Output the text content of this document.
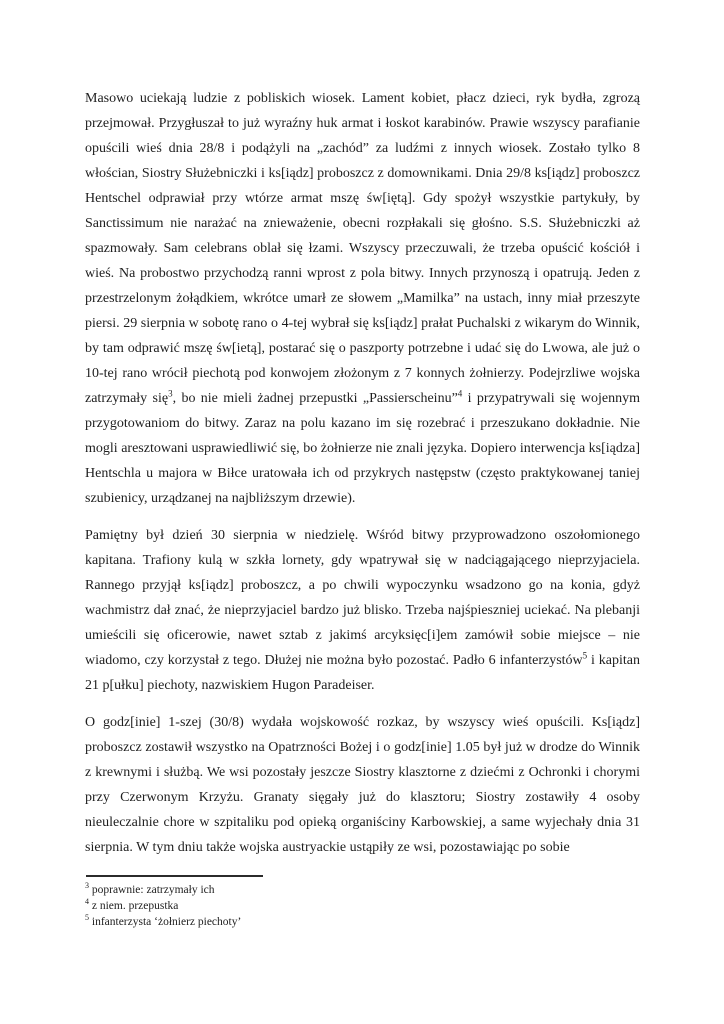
Masowo uciekają ludzie z pobliskich wiosek. Lament kobiet, płacz dzieci, ryk bydła, zgrozą przejmował. Przygłuszał to już wyraźny huk armat i łoskot karabinów. Prawie wszyscy parafianie opuścili wieś dnia 28/8 i podążyli na „zachód” za ludźmi z innych wiosek. Zostało tylko 8 włościan, Siostry Służebniczki i ks[iądz] proboszcz z domownikami. Dnia 29/8 ks[iądz] proboszcz Hentschel odprawiał przy wtórze armat mszę św[iętą]. Gdy spożył wszystkie partykuły, by Sanctissimum nie narażać na znieważenie, obecni rozpłakali się głośno. S.S. Służebniczki aż spazmowały. Sam celebrans oblał się łzami. Wszyscy przeczuwali, że trzeba opuścić kościół i wieś. Na probostwo przychodzą ranni wprost z pola bitwy. Innych przynoszą i opatrują. Jeden z przestrzelonym żołądkiem, wkrótce umarł ze słowem „Mamilka” na ustach, inny miał przeszyte piersi. 29 sierpnia w sobotę rano o 4-tej wybrał się ks[iądz] prałat Puchalski z wikarym do Winnik, by tam odprawić mszę św[ietą], postarać się o paszporty potrzebne i udać się do Lwowa, ale już o 10-tej rano wrócił piechotą pod konwojem złożonym z 7 konnych żołnierzy. Podejrzliwe wojska zatrzymały się$^3$, bo nie mieli żadnej przepustki „Passierscheinu”$^4$ i przypatrywali się wojennym przygotowaniom do bitwy. Zaraz na polu kazano im się rozebrać i przeszukano dokładnie. Nie mogli aresztowani usprawiedliwić się, bo żołnierze nie znali języka. Dopiero interwencja ks[iądza] Hentschla u majora w Biłce uratowała ich od przykrych następstw (często praktykowanej taniej szubienicy, urządzanej na najbliższym drzewie).

Pamiętny był dzień 30 sierpnia w niedzielę. Wśród bitwy przyprowadzono oszołomionego kapitana. Trafiony kulą w szkła lornety, gdy wpatrywał się w nadciągającego nieprzyjaciela. Rannego przyjął ks[iądz] proboszcz, a po chwili wypoczynku wsadzono go na konia, gdyż wachmistrz dał znać, że nieprzyjaciel bardzo już blisko. Trzeba najśpieszniej uciekać. Na plebanji umieścili się oficerowie, nawet sztab z jakimś arcyksięc[i]em zamówił sobie miejsce – nie wiadomo, czy korzystał z tego. Dłużej nie można było pozostać. Padło 6 infanterzystów$^5$ i kapitan 21 p[ułku] piechoty, nazwiskiem Hugon Paradeiser.

O godz[inie] 1-szej (30/8) wydała wojskowość rozkaz, by wszyscy wieś opuścili. Ks[iądz] proboszcz zostawił wszystko na Opatrzności Bożej i o godz[inie] 1.05 był już w drodze do Winnik z krewnymi i służbą. We wsi pozostały jeszcze Siostry klasztorne z dziećmi z Ochronki i chorymi przy Czerwonym Krzyżu. Granaty sięgały już do klasztoru; Siostry zostawiły 4 osoby nieuleczalnie chore w szpitaliku pod opieką organiściny Karbowskiej, a same wyjechały dnia 31 sierpnia. W tym dniu także wojska austryackie ustąpiły ze wsi, pozostawiając po sobie

$^3$ poprawnie: zatrzymały ich
$^4$ z niem. przepustka
$^5$ infanterzysta ‘żołnierz piechoty’
